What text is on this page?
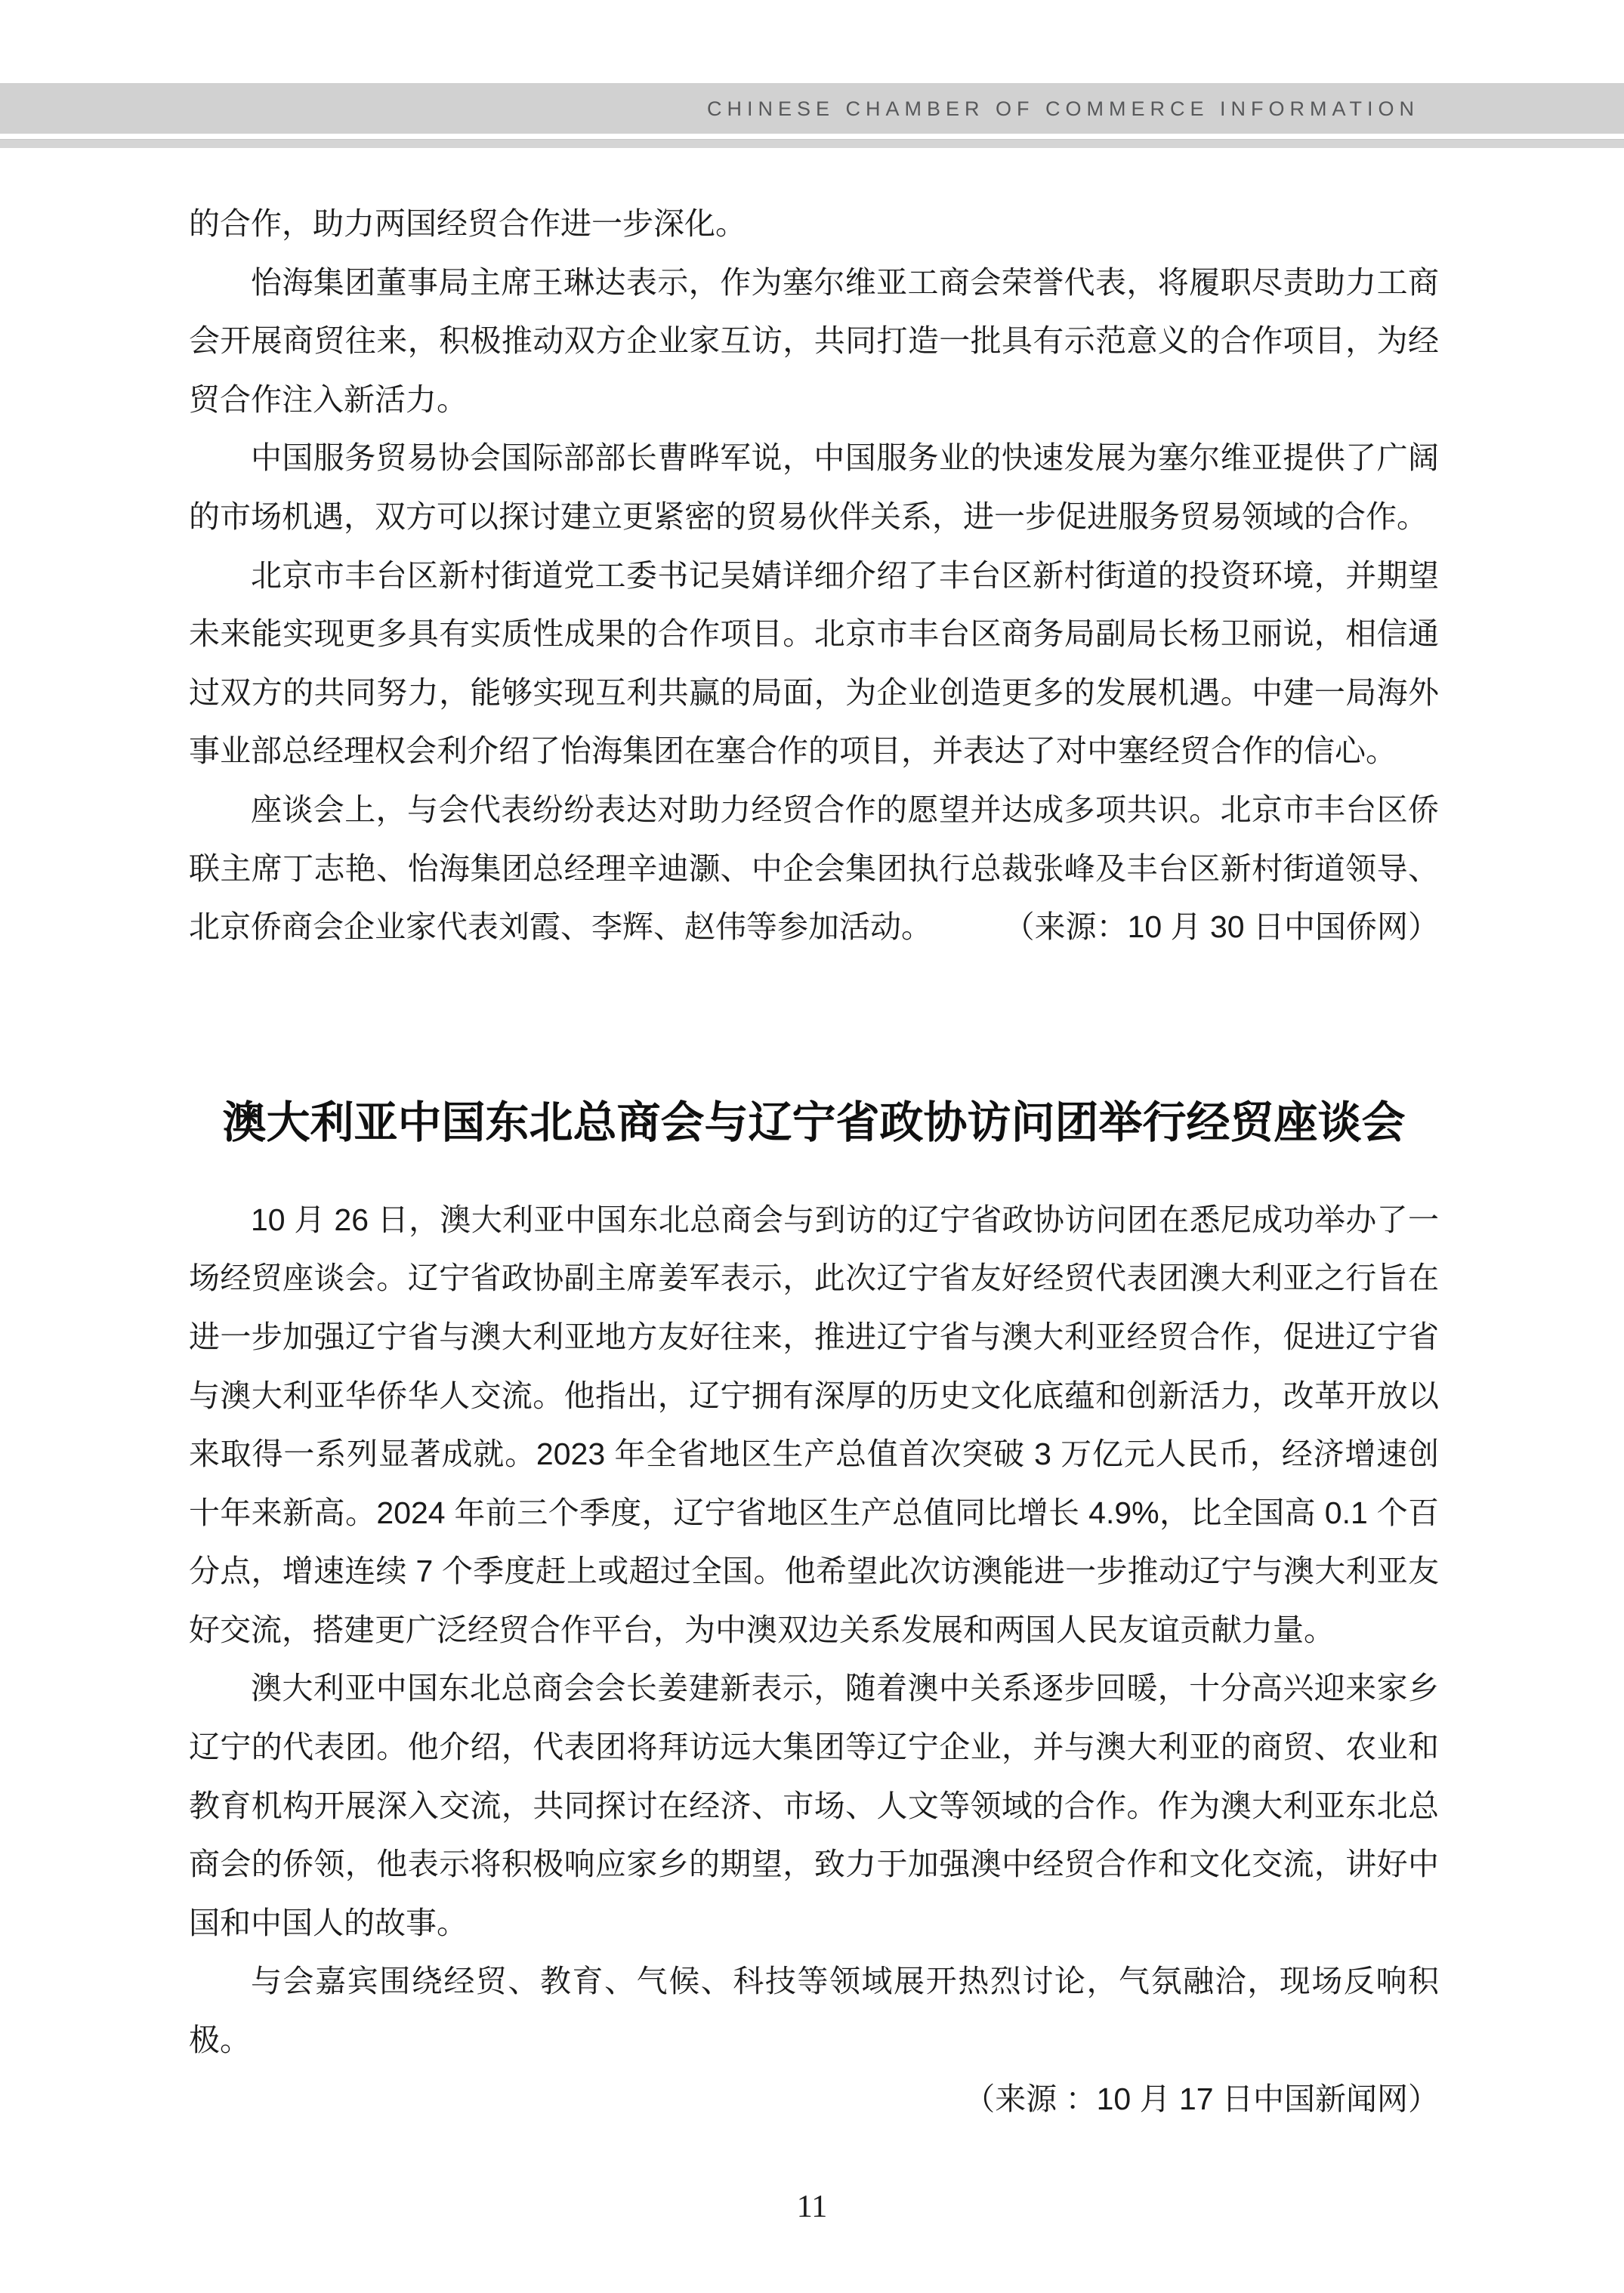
CHINESE CHAMBER OF COMMERCE INFORMATION

的合作，助力两国经贸合作进一步深化。

怡海集团董事局主席王琳达表示，作为塞尔维亚工商会荣誉代表，将履职尽责助力工商会开展商贸往来，积极推动双方企业家互访，共同打造一批具有示范意义的合作项目，为经贸合作注入新活力。

中国服务贸易协会国际部部长曹晔军说，中国服务业的快速发展为塞尔维亚提供了广阔的市场机遇，双方可以探讨建立更紧密的贸易伙伴关系，进一步促进服务贸易领域的合作。

北京市丰台区新村街道党工委书记吴婧详细介绍了丰台区新村街道的投资环境，并期望未来能实现更多具有实质性成果的合作项目。北京市丰台区商务局副局长杨卫丽说，相信通过双方的共同努力，能够实现互利共赢的局面，为企业创造更多的发展机遇。中建一局海外事业部总经理权会利介绍了怡海集团在塞合作的项目，并表达了对中塞经贸合作的信心。

座谈会上，与会代表纷纷表达对助力经贸合作的愿望并达成多项共识。北京市丰台区侨联主席丁志艳、怡海集团总经理辛迪灏、中企会集团执行总裁张峰及丰台区新村街道领导、北京侨商会企业家代表刘霞、李辉、赵伟等参加活动。 （来源：10 月 30 日中国侨网）

澳大利亚中国东北总商会与辽宁省政协访问团举行经贸座谈会

10 月 26 日，澳大利亚中国东北总商会与到访的辽宁省政协访问团在悉尼成功举办了一场经贸座谈会。辽宁省政协副主席姜军表示，此次辽宁省友好经贸代表团澳大利亚之行旨在进一步加强辽宁省与澳大利亚地方友好往来，推进辽宁省与澳大利亚经贸合作，促进辽宁省与澳大利亚华侨华人交流。他指出，辽宁拥有深厚的历史文化底蕴和创新活力，改革开放以来取得一系列显著成就。2023 年全省地区生产总值首次突破 3 万亿元人民币，经济增速创十年来新高。2024 年前三个季度，辽宁省地区生产总值同比增长 4.9%，比全国高 0.1 个百分点，增速连续 7 个季度赶上或超过全国。他希望此次访澳能进一步推动辽宁与澳大利亚友好交流，搭建更广泛经贸合作平台，为中澳双边关系发展和两国人民友谊贡献力量。

澳大利亚中国东北总商会会长姜建新表示，随着澳中关系逐步回暖，十分高兴迎来家乡辽宁的代表团。他介绍，代表团将拜访远大集团等辽宁企业，并与澳大利亚的商贸、农业和教育机构开展深入交流，共同探讨在经济、市场、人文等领域的合作。作为澳大利亚东北总商会的侨领，他表示将积极响应家乡的期望，致力于加强澳中经贸合作和文化交流，讲好中国和中国人的故事。

与会嘉宾围绕经贸、教育、气候、科技等领域展开热烈讨论，气氛融洽，现场反响积极。

（来源 ：10 月 17 日中国新闻网）

11
